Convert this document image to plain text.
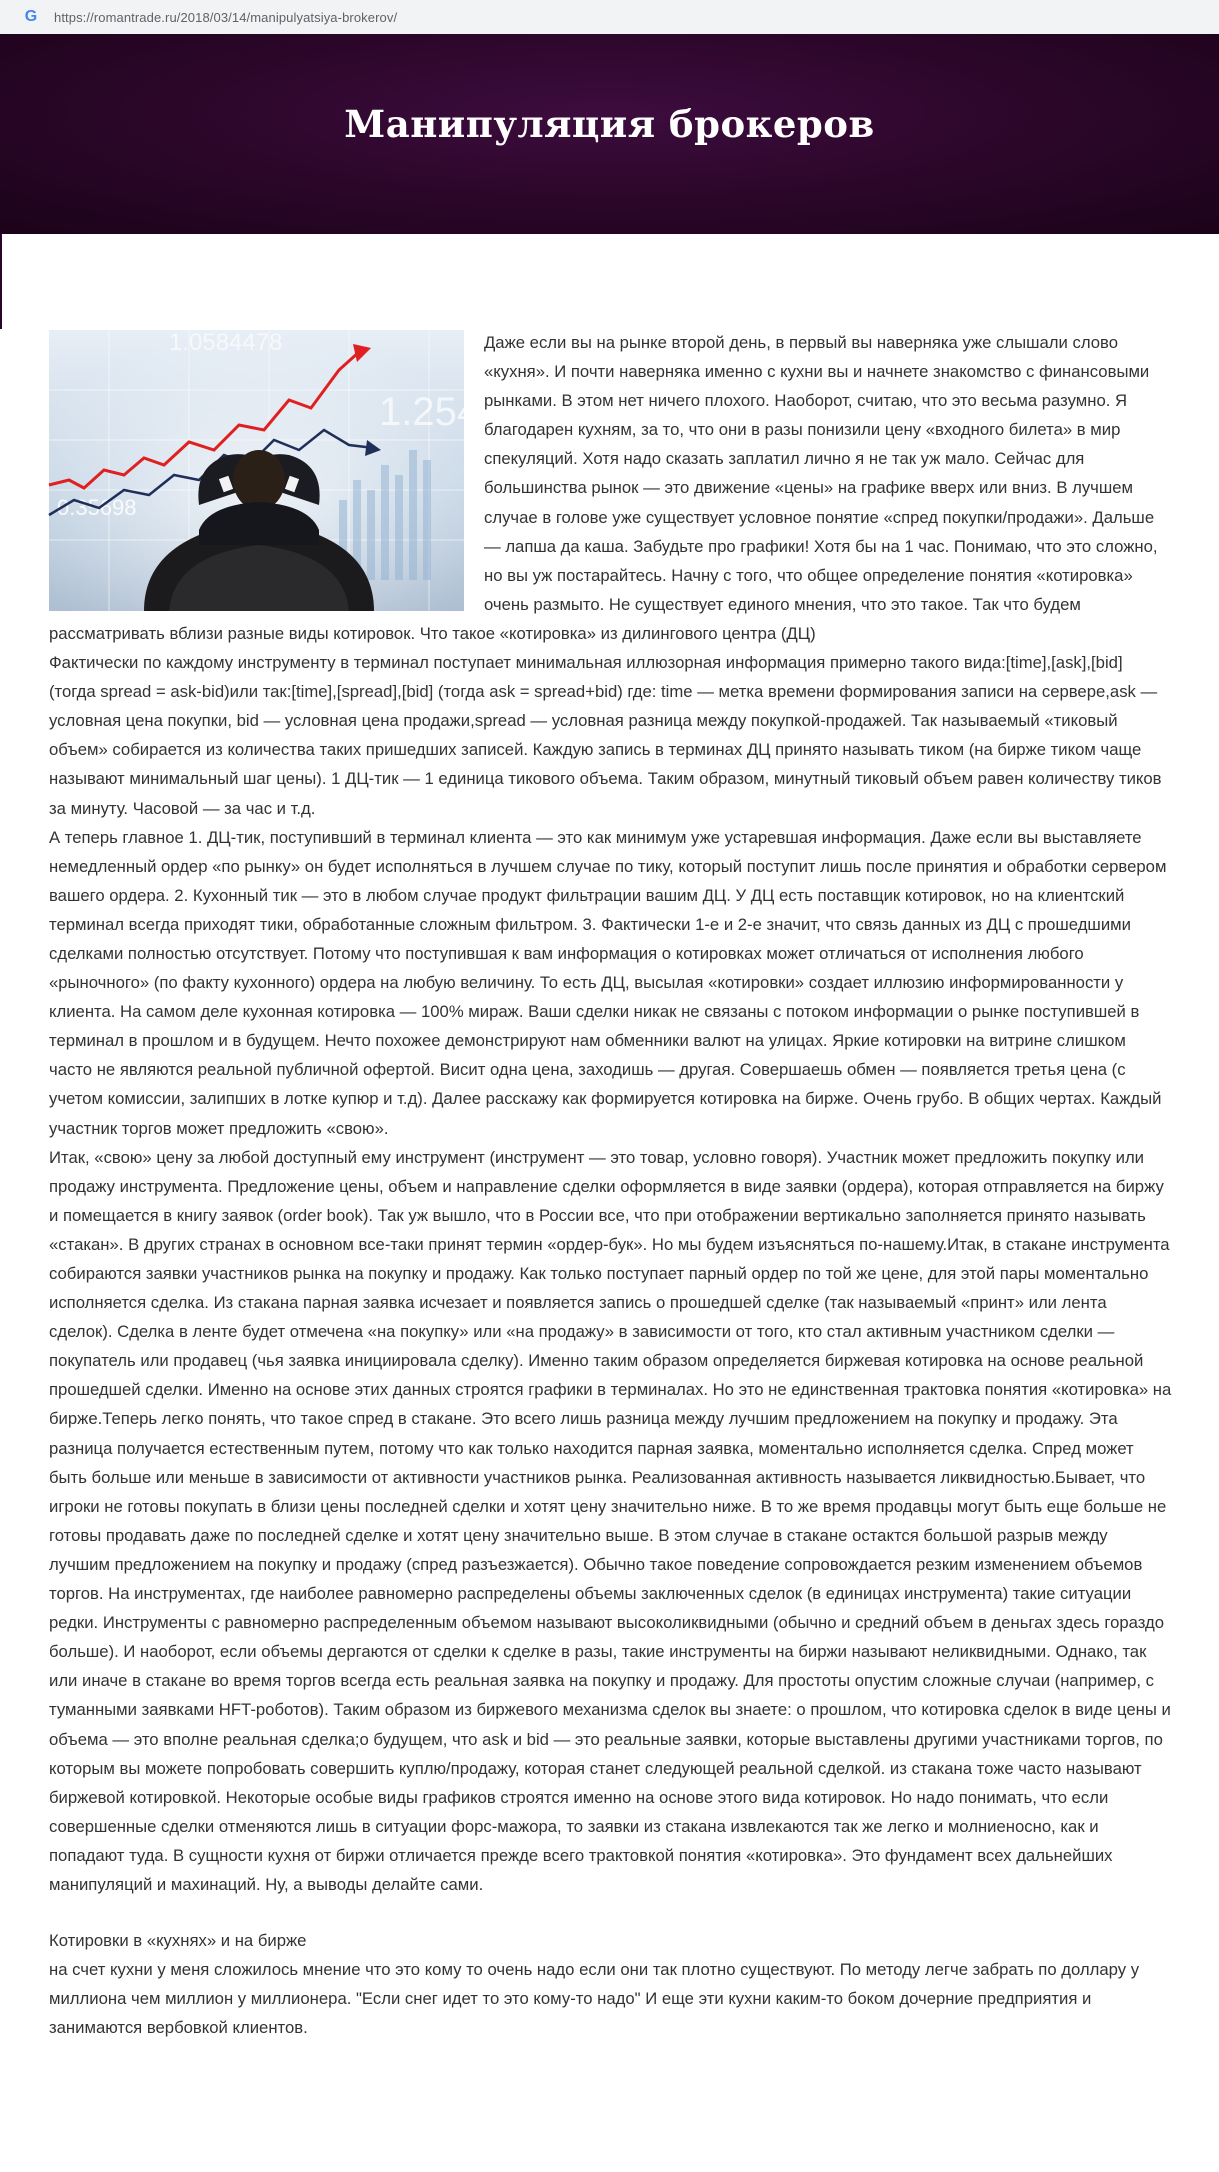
G https://romantrade.ru/2018/03/14/manipulyatsiya-brokerov/
Манипуляция брокеров
1.0584478
1.254
0.35698

Даже если вы на рынке второй день, в первый вы наверняка уже слышали слово «кухня». И почти наверняка именно с кухни вы и начнете знакомство с финансовыми рынками. В этом нет ничего плохого. Наоборот, считаю, что это весьма разумно. Я благодарен кухням, за то, что они в разы понизили цену «входного билета» в мир спекуляций. Хотя надо сказать заплатил лично я не так уж мало. Сейчас для большинства рынок — это движение «цены» на графике вверх или вниз. В лучшем случае в голове уже существует условное понятие «спред покупки/продажи». Дальше — лапша да каша. Забудьте про графики! Хотя бы на 1 час. Понимаю, что это сложно, но вы уж постарайтесь. Начну с того, что общее определение понятия «котировка» очень размыто. Не существует единого мнения, что это такое. Так что будем рассматривать вблизи разные виды котировок. Что такое «котировка» из дилингового центра (ДЦ)

Фактически по каждому инструменту в терминал поступает минимальная иллюзорная информация примерно такого вида:[time],[ask],[bid] (тогда spread = ask-bid)или так:[time],[spread],[bid] (тогда ask = spread+bid) где: time — метка времени формирования записи на сервере,ask — условная цена покупки, bid — условная цена продажи,spread — условная разница между покупкой-продажей. Так называемый «тиковый объем» собирается из количества таких пришедших записей. Каждую запись в терминах ДЦ принято называть тиком (на бирже тиком чаще называют минимальный шаг цены). 1 ДЦ-тик — 1 единица тикового объема. Таким образом, минутный тиковый объем равен количеству тиков за минуту. Часовой — за час и т.д.

А теперь главное 1. ДЦ-тик, поступивший в терминал клиента — это как минимум уже устаревшая информация. Даже если вы выставляете немедленный ордер «по рынку» он будет исполняться в лучшем случае по тику, который поступит лишь после принятия и обработки сервером вашего ордера. 2. Кухонный тик — это в любом случае продукт фильтрации вашим ДЦ. У ДЦ есть поставщик котировок, но на клиентский терминал всегда приходят тики, обработанные сложным фильтром. 3. Фактически 1-е и 2-е значит, что связь данных из ДЦ с прошедшими сделками полностью отсутствует. Потому что поступившая к вам информация о котировках может отличаться от исполнения любого «рыночного» (по факту кухонного) ордера на любую величину. То есть ДЦ, высылая «котировки» создает иллюзию информированности у клиента. На самом деле кухонная котировка — 100% мираж. Ваши сделки никак не связаны с потоком информации о рынке поступившей в терминал в прошлом и в будущем. Нечто похожее демонстрируют нам обменники валют на улицах. Яркие котировки на витрине слишком часто не являются реальной публичной офертой. Висит одна цена, заходишь — другая. Совершаешь обмен — появляется третья цена (с учетом комиссии, залипших в лотке купюр и т.д). Далее расскажу как формируется котировка на бирже. Очень грубо. В общих чертах. Каждый участник торгов может предложить «свою».

Итак, «свою» цену за любой доступный ему инструмент (инструмент — это товар, условно говоря). Участник может предложить покупку или продажу инструмента. Предложение цены, объем и направление сделки оформляется в виде заявки (ордера), которая отправляется на биржу и помещается в книгу заявок (order book). Так уж вышло, что в России все, что при отображении вертикально заполняется принято называть «стакан». В других странах в основном все-таки принят термин «ордер-бук». Но мы будем изъясняться по-нашему.Итак, в стакане инструмента собираются заявки участников рынка на покупку и продажу. Как только поступает парный ордер по той же цене, для этой пары моментально исполняется сделка. Из стакана парная заявка исчезает и появляется запись о прошедшей сделке (так называемый «принт» или лента сделок). Сделка в ленте будет отмечена «на покупку» или «на продажу» в зависимости от того, кто стал активным участником сделки — покупатель или продавец (чья заявка инициировала сделку). Именно таким образом определяется биржевая котировка на основе реальной прошедшей сделки. Именно на основе этих данных строятся графики в терминалах. Но это не единственная трактовка понятия «котировка» на бирже.Теперь легко понять, что такое спред в стакане. Это всего лишь разница между лучшим предложением на покупку и продажу. Эта разница получается естественным путем, потому что как только находится парная заявка, моментально исполняется сделка. Спред может быть больше или меньше в зависимости от активности участников рынка. Реализованная активность называется ликвидностью.Бывает, что игроки не готовы покупать в близи цены последней сделки и хотят цену значительно ниже. В то же время продавцы могут быть еще больше не готовы продавать даже по последней сделке и хотят цену значительно выше. В этом случае в стакане остактся большой разрыв между лучшим предложением на покупку и продажу (спред разъезжается). Обычно такое поведение сопровождается резким изменением объемов торгов. На инструментах, где наиболее равномерно распределены объемы заключенных сделок (в единицах инструмента) такие ситуации редки. Инструменты с равномерно распределенным объемом называют высоколиквидными (обычно и средний объем в деньгах здесь гораздо больше). И наоборот, если объемы дергаются от сделки к сделке в разы, такие инструменты на биржи называют неликвидными. Однако, так или иначе в стакане во время торгов всегда есть реальная заявка на покупку и продажу. Для простоты опустим сложные случаи (например, с туманными заявками HFT-роботов). Таким образом из биржевого механизма сделок вы знаете: о прошлом, что котировка сделок в виде цены и объема — это вполне реальная сделка;о будущем, что ask и bid — это реальные заявки, которые выставлены другими участниками торгов, по которым вы можете попробовать совершить куплю/продажу, которая станет следующей реальной сделкой. из стакана тоже часто называют биржевой котировкой. Некоторые особые виды графиков строятся именно на основе этого вида котировок. Но надо понимать, что если совершенные сделки отменяются лишь в ситуации форс-мажора, то заявки из стакана извлекаются так же легко и молниеносно, как и попадают туда. В сущности кухня от биржи отличается прежде всего трактовкой понятия «котировка». Это фундамент всех дальнейших манипуляций и махинаций. Ну, а выводы делайте сами.

Котировки в «кухнях» и на бирже

на счет кухни у меня сложилось мнение что это кому то очень надо если они так плотно существуют. По методу легче забрать по доллару у миллиона чем миллион у миллионера. "Если снег идет то это кому-то надо" И еще эти кухни каким-то боком дочерние предприятия и занимаются вербовкой клиентов.
